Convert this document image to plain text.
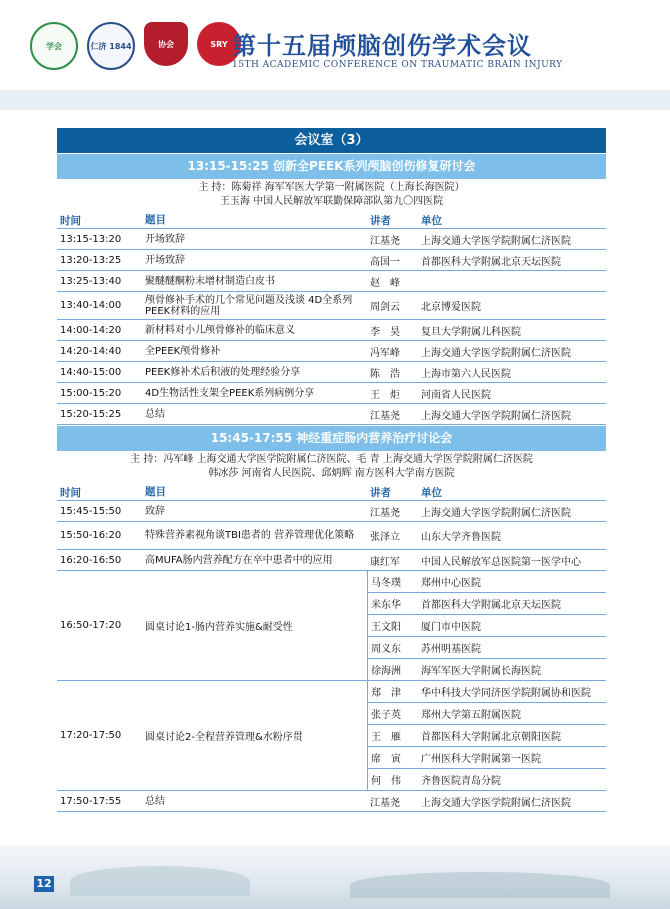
学会	仁济 1844	协会	SRY 第十五届颅脑创伤学术会议
15TH ACADEMIC CONFERENCE ON TRAUMATIC BRAIN INJURY
会议室（3）
13:15-15:25 创新全PEEK系列颅脑创伤修复研讨会
主 持：陈菊祥 海军军医大学第一附属医院（上海长海医院）
王玉海 中国人民解放军联勤保障部队第九〇四医院
时间	题目	讲者	单位
13:15-13:20	开场致辞	江基尧	上海交通大学医学院附属仁济医院
13:20-13:25	开场致辞	高国一	首都医科大学附属北京天坛医院
13:25-13:40	聚醚醚酮粉末增材制造白皮书	赵　峰
13:40-14:00	颅骨修补手术的几个常见问题及浅谈 4D全系列PEEK材料的应用	周剑云	北京博爱医院
14:00-14:20	新材料对小儿颅骨修补的临床意义	李　昊	复旦大学附属儿科医院
14:20-14:40	全PEEK颅骨修补	冯军峰	上海交通大学医学院附属仁济医院
14:40-15:00	PEEK修补术后积液的处理经验分享	陈　浩	上海市第六人民医院
15:00-15:20	4D生物活性支架全PEEK系列病例分享	王　炬	河南省人民医院
15:20-15:25	总结	江基尧	上海交通大学医学院附属仁济医院
15:45-17:55 神经重症肠内营养治疗讨论会
主 持：冯军峰 上海交通大学医学院附属仁济医院、毛 青 上海交通大学医学院附属仁济医院
韩冰莎 河南省人民医院、邱炳辉 南方医科大学南方医院
时间	题目	讲者	单位
15:45-15:50	致辞	江基尧	上海交通大学医学院附属仁济医院
15:50-16:20	特殊营养素视角谈TBI患者的 营养管理优化策略	张泽立	山东大学齐鲁医院
16:20-16:50	高MUFA肠内营养配方在卒中患者中的应用	康红军	中国人民解放军总医院第一医学中心
16:50-17:20	圆桌讨论1-肠内营养实施&耐受性
马冬璞	郑州中心医院
米东华	首都医科大学附属北京天坛医院
王文阳	厦门市中医院
周义东	苏州明基医院
徐海洲	海军军医大学附属长海医院
17:20-17:50	圆桌讨论2-全程营养管理&水粉序贯
郑　津	华中科技大学同济医学院附属协和医院
张子英	郑州大学第五附属医院
王　雁	首都医科大学附属北京朝阳医院
席　寅	广州医科大学附属第一医院
何　伟	齐鲁医院青岛分院
17:50-17:55	总结	江基尧	上海交通大学医学院附属仁济医院
12
